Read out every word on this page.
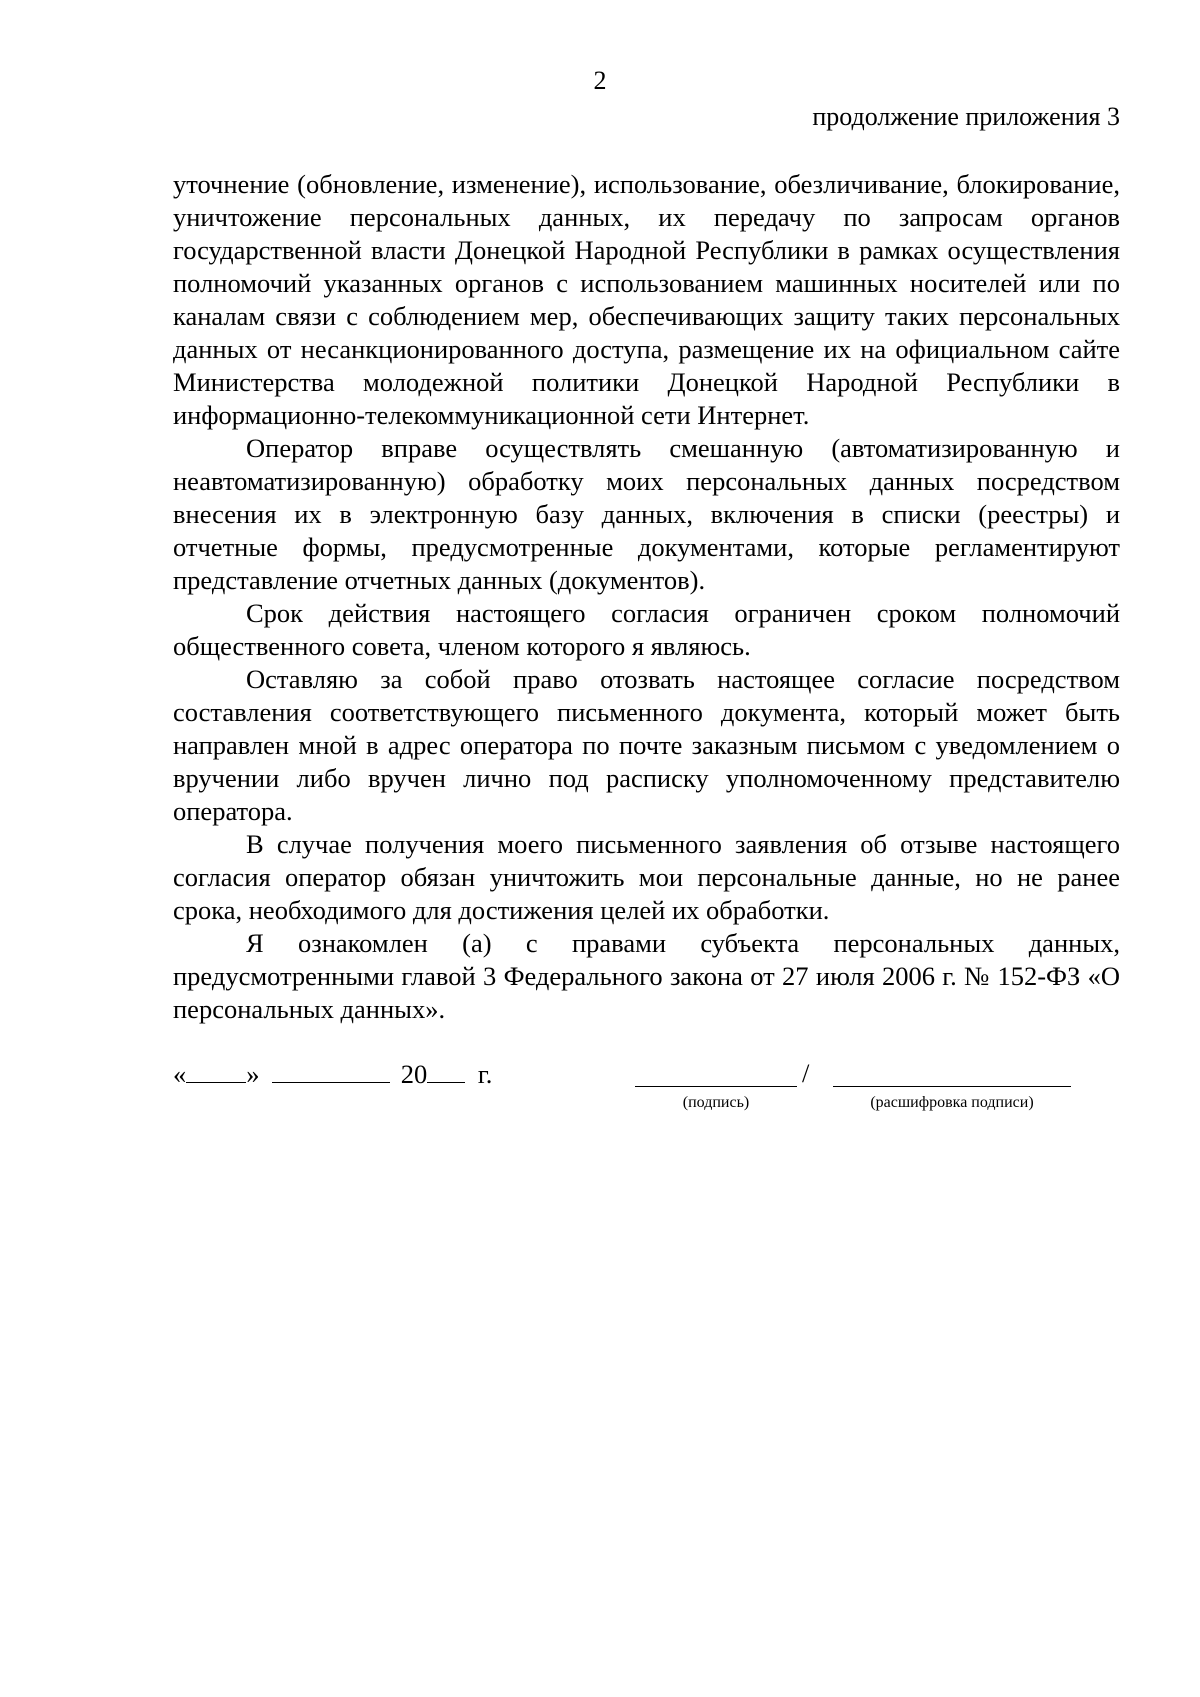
2
продолжение приложения 3

уточнение (обновление, изменение), использование, обезличивание, блокирование, уничтожение персональных данных, их передачу по запросам органов государственной власти Донецкой Народной Республики в рамках осуществления полномочий указанных органов с использованием машинных носителей или по каналам связи с соблюдением мер, обеспечивающих защиту таких персональных данных от несанкционированного доступа, размещение их на официальном сайте Министерства молодежной политики Донецкой Народной Республики в информационно-телекоммуникационной сети Интернет.

Оператор вправе осуществлять смешанную (автоматизированную и неавтоматизированную) обработку моих персональных данных посредством внесения их в электронную базу данных, включения в списки (реестры) и отчетные формы, предусмотренные документами, которые регламентируют представление отчетных данных (документов).

Срок действия настоящего согласия ограничен сроком полномочий общественного совета, членом которого я являюсь.

Оставляю за собой право отозвать настоящее согласие посредством составления соответствующего письменного документа, который может быть направлен мной в адрес оператора по почте заказным письмом с уведомлением о вручении либо вручен лично под расписку уполномоченному представителю оператора.

В случае получения моего письменного заявления об отзыве настоящего согласия оператор обязан уничтожить мои персональные данные, но не ранее срока, необходимого для достижения целей их обработки.

Я ознакомлен (а) с правами субъекта персональных данных, предусмотренными главой 3 Федерального закона от 27 июля 2006 г. № 152-ФЗ «О персональных данных».

« »	20 г.	/
(подпись)	(расшифровка подписи)
